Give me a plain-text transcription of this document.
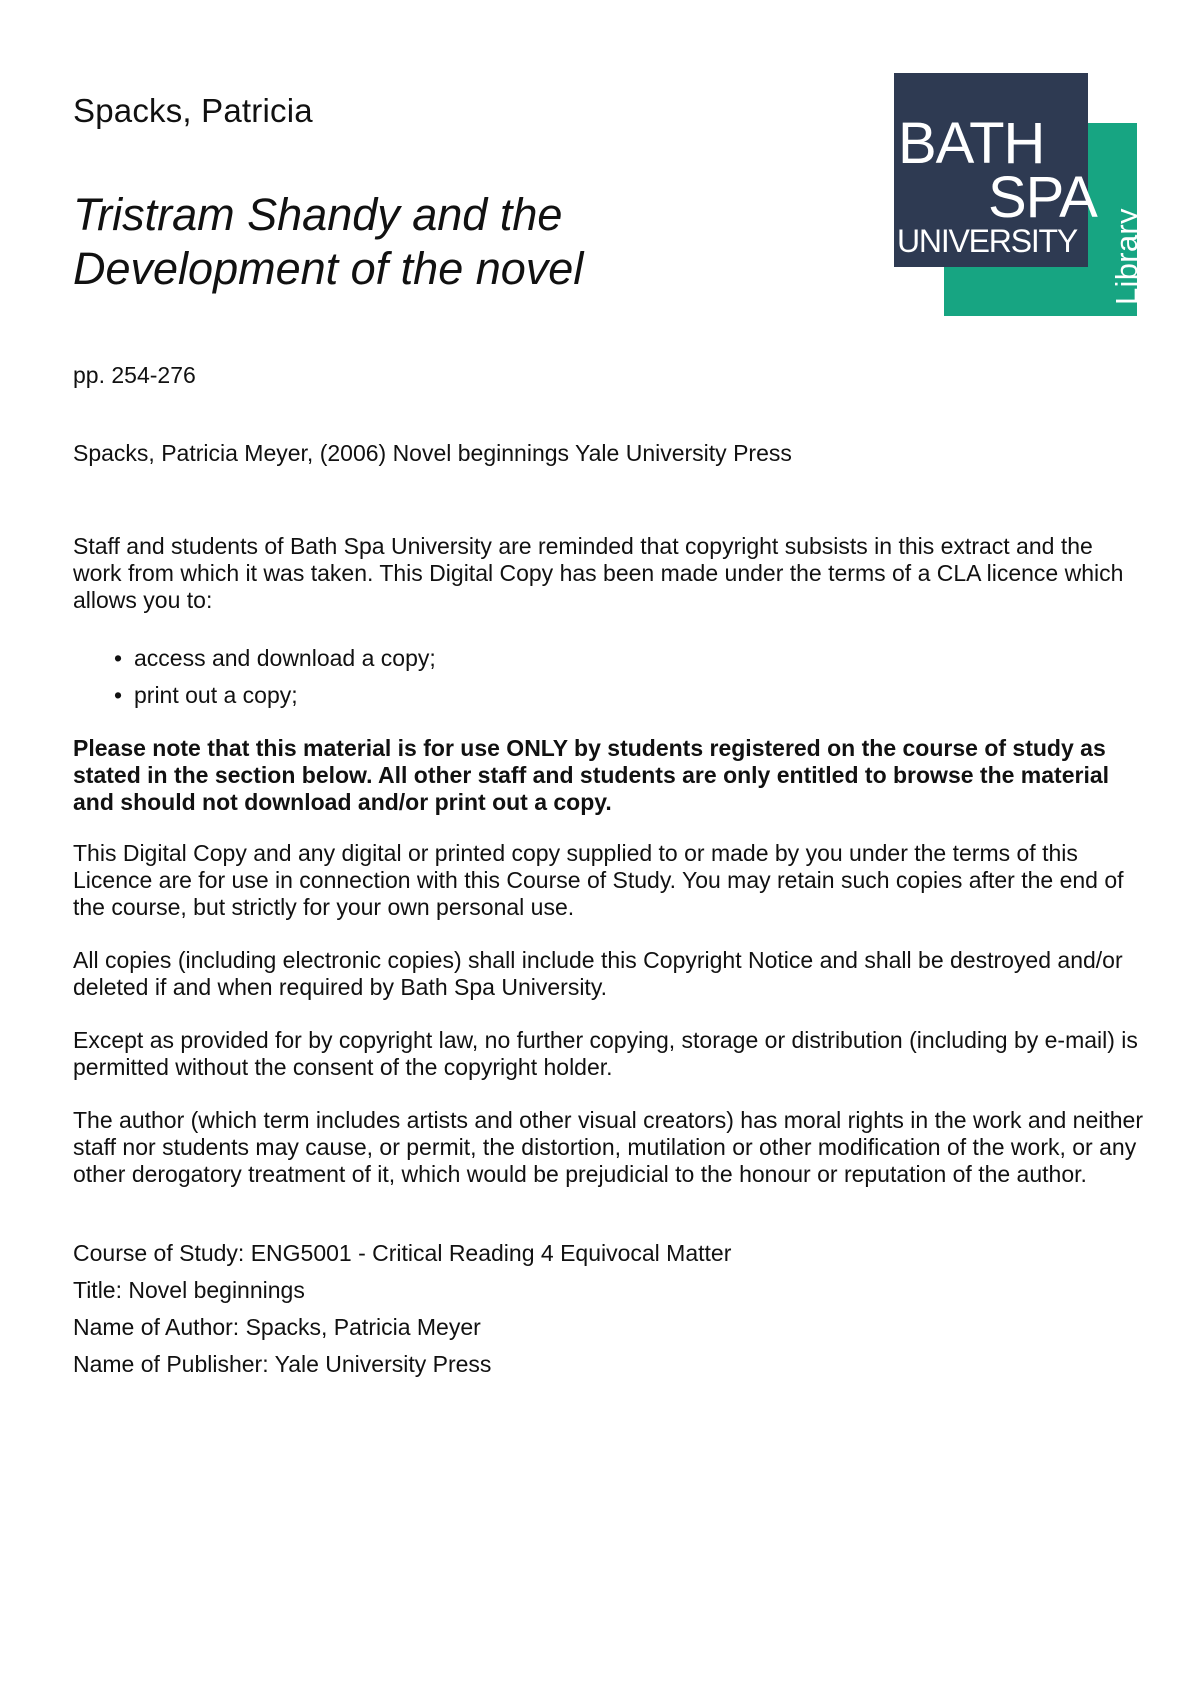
Spacks, Patricia
Tristram Shandy and the
Development of the novel
BATH
SPA
UNIVERSITY Library
pp. 254-276
Spacks, Patricia Meyer, (2006) Novel beginnings Yale University Press
Staff and students of Bath Spa University are reminded that copyright subsists in this extract and the work from which it was taken. This Digital Copy has been made under the terms of a CLA licence which allows you to:
• access and download a copy;
• print out a copy;
Please note that this material is for use ONLY by students registered on the course of study as stated in the section below. All other staff and students are only entitled to browse the material and should not download and/or print out a copy.
This Digital Copy and any digital or printed copy supplied to or made by you under the terms of this Licence are for use in connection with this Course of Study. You may retain such copies after the end of the course, but strictly for your own personal use.
All copies (including electronic copies) shall include this Copyright Notice and shall be destroyed and/or deleted if and when required by Bath Spa University.
Except as provided for by copyright law, no further copying, storage or distribution (including by e-mail) is permitted without the consent of the copyright holder.
The author (which term includes artists and other visual creators) has moral rights in the work and neither staff nor students may cause, or permit, the distortion, mutilation or other modification of the work, or any other derogatory treatment of it, which would be prejudicial to the honour or reputation of the author.
Course of Study: ENG5001 - Critical Reading 4 Equivocal Matter
Title: Novel beginnings
Name of Author: Spacks, Patricia Meyer
Name of Publisher: Yale University Press
